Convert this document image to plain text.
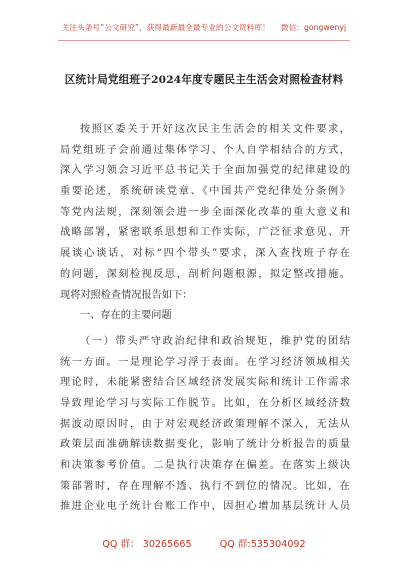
关注头条号“公文研究”，获得最新最全最专业的公文资料库！ 微信：gongwenyj
区统计局党组班子2024年度专题民主生活会对照检查材料
按照区委关于开好这次民主生活会的相关文件要求，
局党组班子会前通过集体学习、个人自学相结合的方式，
深入学习领会习近平总书记关于全面加强党的纪律建设的
重要论述，系统研读党章、《中国共产党纪律处分条例》
等党内法规，深刻领会进一步全面深化改革的重大意义和
战略部署，紧密联系思想和工作实际，广泛征求意见、开
展谈心谈话，对标“四个带头”要求，深入查找班子存在
的问题，深刻检视反思，剖析问题根源，拟定整改措施。
现将对照检查情况报告如下：
一、存在的主要问题
（一）带头严守政治纪律和政治规矩，维护党的团结
统一方面。一是理论学习浮于表面。在学习经济领域相关
理论时，未能紧密结合区域经济发展实际和统计工作需求
导致理论学习与实际工作脱节。比如，在分析区域经济数
据波动原因时，由于对宏观经济政策理解不深入，无法从
政策层面准确解读数据变化，影响了统计分析报告的质量
和决策参考价值。二是执行决策存在偏差。在落实上级决
策部署时，存在理解不透、执行不到位的情况。比如，在
推进企业电子统计台账工作中，因担心增加基层统计人员
QQ 群： 30265665	QQ 群:535304092
